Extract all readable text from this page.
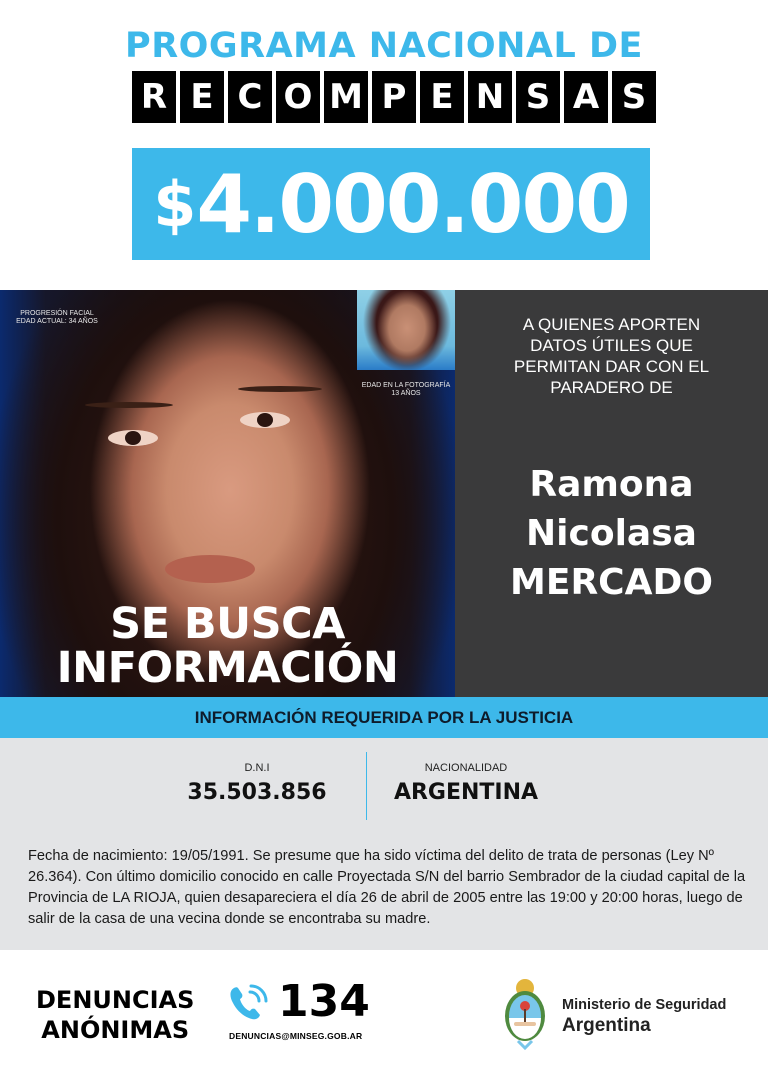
PROGRAMA NACIONAL DE
R E C O M P E N S A S
$ 4.000.000
PROGRESIÓN FACIAL
EDAD ACTUAL: 34 AÑOS
EDAD EN LA FOTOGRAFÍA
13 AÑOS
SE BUSCA
INFORMACIÓN
A QUIENES APORTEN
DATOS ÚTILES QUE
PERMITAN DAR CON EL
PARADERO DE
Ramona
Nicolasa
MERCADO
INFORMACIÓN REQUERIDA POR LA JUSTICIA
D.N.I
35.503.856
NACIONALIDAD
ARGENTINA
Fecha de nacimiento: 19/05/1991. Se presume que ha sido víctima del delito de trata de personas (Ley Nº 26.364). Con último domicilio conocido en calle Proyectada S/N del barrio Sembrador de la ciudad capital de la Provincia de LA RIOJA, quien desapareciera el día 26 de abril de 2005 entre las 19:00 y 20:00 horas, luego de salir de la casa de una vecina donde se encontraba su madre.
DENUNCIAS
ANÓNIMAS
134
DENUNCIAS@MINSEG.GOB.AR
Ministerio de Seguridad
Argentina
